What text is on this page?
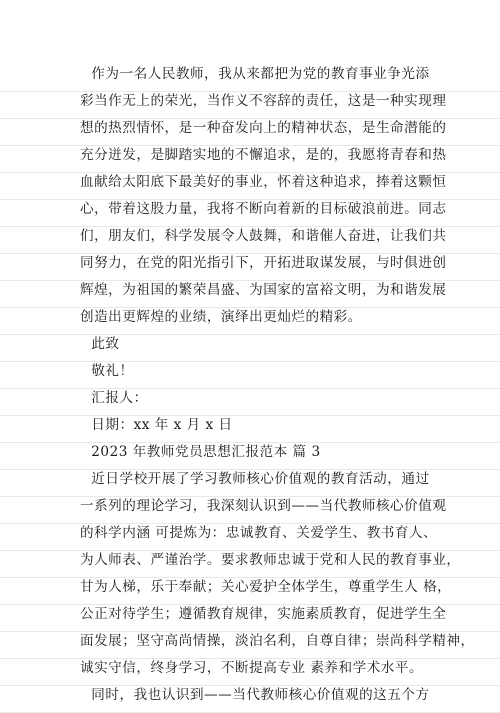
作为一名人民教师，我从来都把为党的教育事业争光添
彩当作无上的荣光，当作义不容辞的责任，这是一种实现理
想的热烈情怀，是一种奋发向上的精神状态，是生命潜能的
充分迸发，是脚踏实地的不懈追求，是的，我愿将青春和热
血献给太阳底下最美好的事业，怀着这种追求，捧着这颗恒
心，带着这股力量，我将不断向着新的目标破浪前进。同志
们，朋友们，科学发展令人鼓舞，和谐催人奋进，让我们共
同努力，在党的阳光指引下，开拓进取谋发展，与时俱进创
辉煌，为祖国的繁荣昌盛、为国家的富裕文明，为和谐发展
创造出更辉煌的业绩，演绎出更灿烂的精彩。
此致
敬礼！
汇报人：
日期：xx 年 x 月 x 日
2023 年教师党员思想汇报范本 篇 3
近日学校开展了学习教师核心价值观的教育活动，通过
一系列的理论学习，我深刻认识到——当代教师核心价值观
的科学内涵 可提炼为：忠诚教育、关爱学生、教书育人、
为人师表、严谨治学。要求教师忠诚于党和人民的教育事业，
甘为人梯，乐于奉献；关心爱护全体学生，尊重学生人 格，
公正对待学生；遵循教育规律，实施素质教育，促进学生全
面发展；坚守高尚情操，淡泊名利，自尊自律；崇尚科学精神，
诚实守信，终身学习，不断提高专业 素养和学术水平。
同时，我也认识到——当代教师核心价值观的这五个方
